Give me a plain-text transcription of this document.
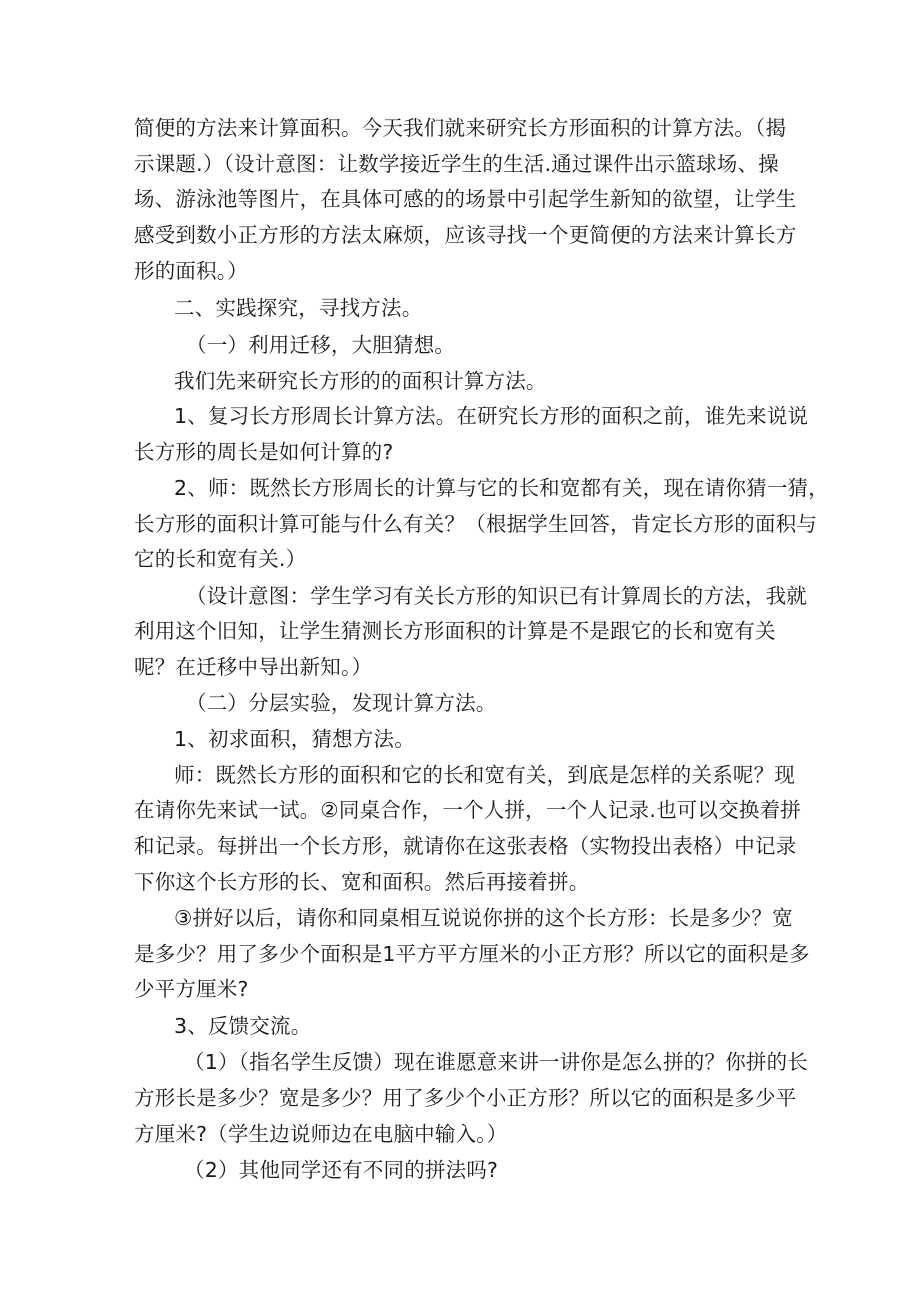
简便的方法来计算面积。今天我们就来研究长方形面积的计算方法。（揭
示课题.）（设计意图：让数学接近学生的生活.通过课件出示篮球场、操
场、游泳池等图片，在具体可感的的场景中引起学生新知的欲望，让学生
感受到数小正方形的方法太麻烦，应该寻找一个更简便的方法来计算长方
形的面积。）
二、实践探究，寻找方法。
（一）利用迁移，大胆猜想。
我们先来研究长方形的的面积计算方法。
1、复习长方形周长计算方法。在研究长方形的面积之前，谁先来说说
长方形的周长是如何计算的?
2、师：既然长方形周长的计算与它的长和宽都有关，现在请你猜一猜，
长方形的面积计算可能与什么有关？（根据学生回答，肯定长方形的面积与
它的长和宽有关.）
（设计意图：学生学习有关长方形的知识已有计算周长的方法，我就
利用这个旧知，让学生猜测长方形面积的计算是不是跟它的长和宽有关
呢？在迁移中导出新知。）
（二）分层实验，发现计算方法。
1、初求面积，猜想方法。
师：既然长方形的面积和它的长和宽有关，到底是怎样的关系呢？现
在请你先来试一试。②同桌合作，一个人拼，一个人记录.也可以交换着拼
和记录。每拼出一个长方形，就请你在这张表格（实物投出表格）中记录
下你这个长方形的长、宽和面积。然后再接着拼。
③拼好以后，请你和同桌相互说说你拼的这个长方形：长是多少？宽
是多少？用了多少个面积是1平方平方厘米的小正方形？所以它的面积是多
少平方厘米?
3、反馈交流。
（1）（指名学生反馈）现在谁愿意来讲一讲你是怎么拼的？你拼的长
方形长是多少？宽是多少？用了多少个小正方形？所以它的面积是多少平
方厘米?（学生边说师边在电脑中输入。）
（2）其他同学还有不同的拼法吗?
